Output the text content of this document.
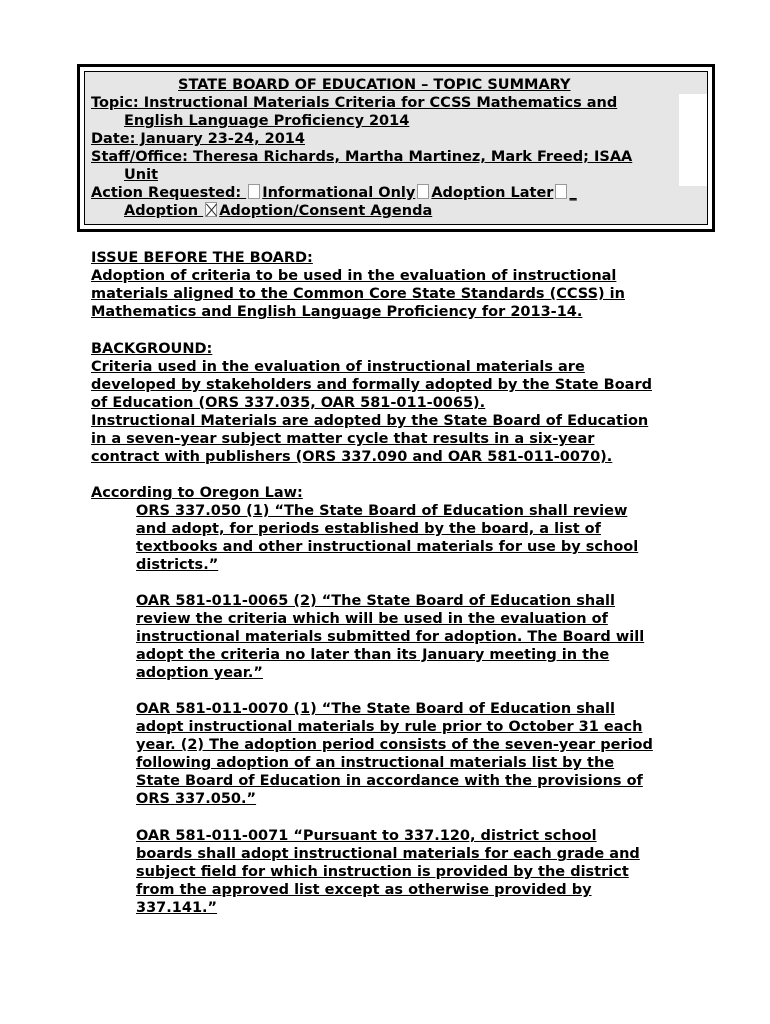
STATE BOARD OF EDUCATION – TOPIC SUMMARY
Topic: Instructional Materials Criteria for CCSS Mathematics and
English Language Proficiency 2014
Date: January 23-24, 2014
Staff/Office: Theresa Richards, Martha Martinez, Mark Freed; ISAA
Unit
Action Requested: Informational Only Adoption Later _
Adoption Adoption/Consent Agenda
ISSUE BEFORE THE BOARD:
Adoption of criteria to be used in the evaluation of instructional
materials aligned to the Common Core State Standards (CCSS) in
Mathematics and English Language Proficiency for 2013-14.
BACKGROUND:
Criteria used in the evaluation of instructional materials are
developed by stakeholders and formally adopted by the State Board
of Education (ORS 337.035, OAR 581-011-0065).
Instructional Materials are adopted by the State Board of Education
in a seven-year subject matter cycle that results in a six-year
contract with publishers (ORS 337.090 and OAR 581-011-0070).
According to Oregon Law:
ORS 337.050 (1) “The State Board of Education shall review
and adopt, for periods established by the board, a list of
textbooks and other instructional materials for use by school
districts.”
OAR 581-011-0065 (2) “The State Board of Education shall
review the criteria which will be used in the evaluation of
instructional materials submitted for adoption. The Board will
adopt the criteria no later than its January meeting in the
adoption year.”
OAR 581-011-0070 (1) “The State Board of Education shall
adopt instructional materials by rule prior to October 31 each
year. (2) The adoption period consists of the seven-year period
following adoption of an instructional materials list by the
State Board of Education in accordance with the provisions of
ORS 337.050.”
OAR 581-011-0071 “Pursuant to 337.120, district school
boards shall adopt instructional materials for each grade and
subject field for which instruction is provided by the district
from the approved list except as otherwise provided by
337.141.”
